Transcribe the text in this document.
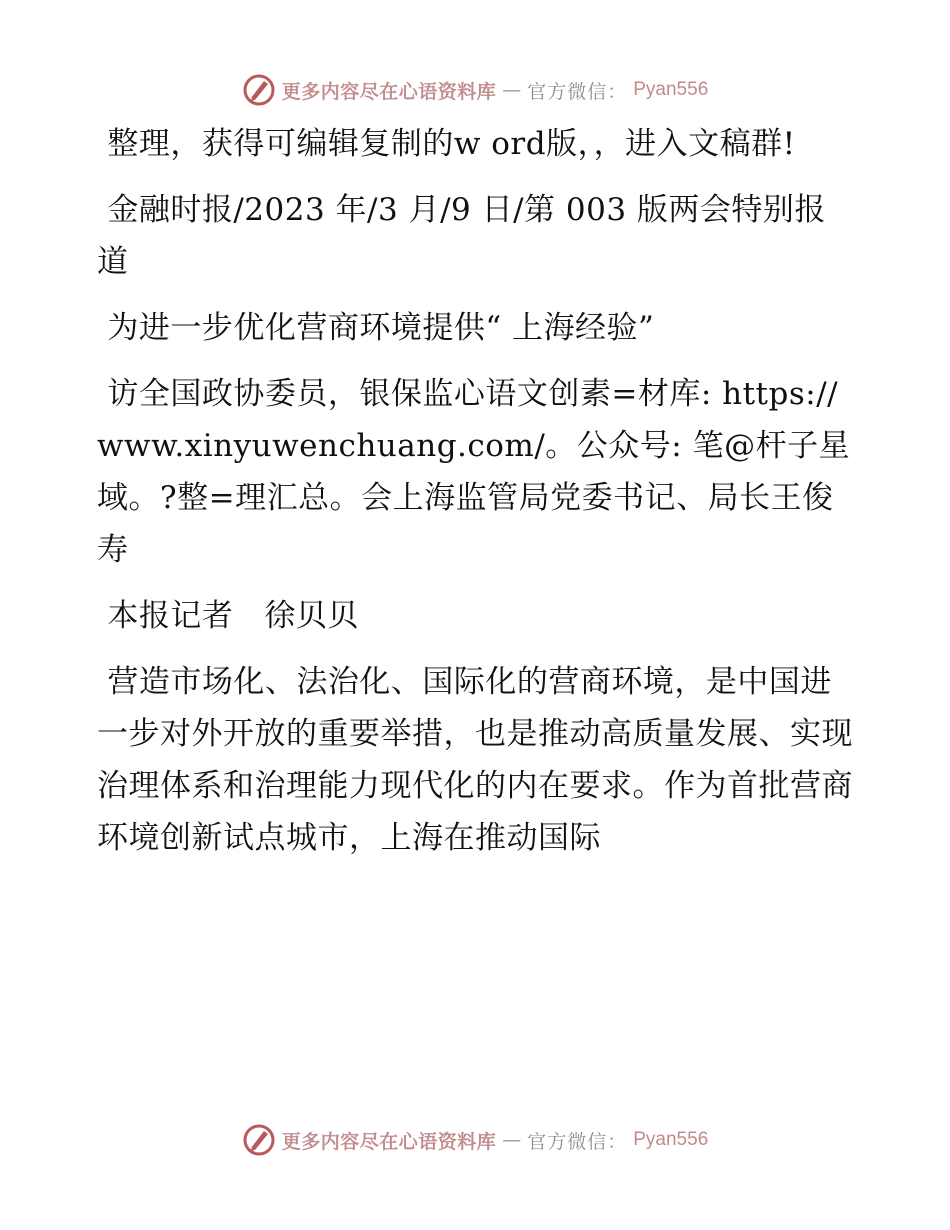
更多内容尽在心语资料库 — 官方微信： Pyan556

整理，获得可编辑复制的w ord版，，进入文稿群!

金融时报/2023 年/3 月/9 日/第 003 版两会特别报道

为进一步优化营商环境提供“ 上海经验”

访全国政协委员，银保监心语文创素=材库: https://www.xinyuwenchuang.com/。公众号: 笔@杆子星域。?整=理汇总。会上海监管局党委书记、局长王俊寿

本报记者   徐贝贝

营造市场化、法治化、国际化的营商环境，是中国进一步对外开放的重要举措，也是推动高质量发展、实现治理体系和治理能力现代化的内在要求。作为首批营商环境创新试点城市，上海在推动国际

更多内容尽在心语资料库 — 官方微信： Pyan556
